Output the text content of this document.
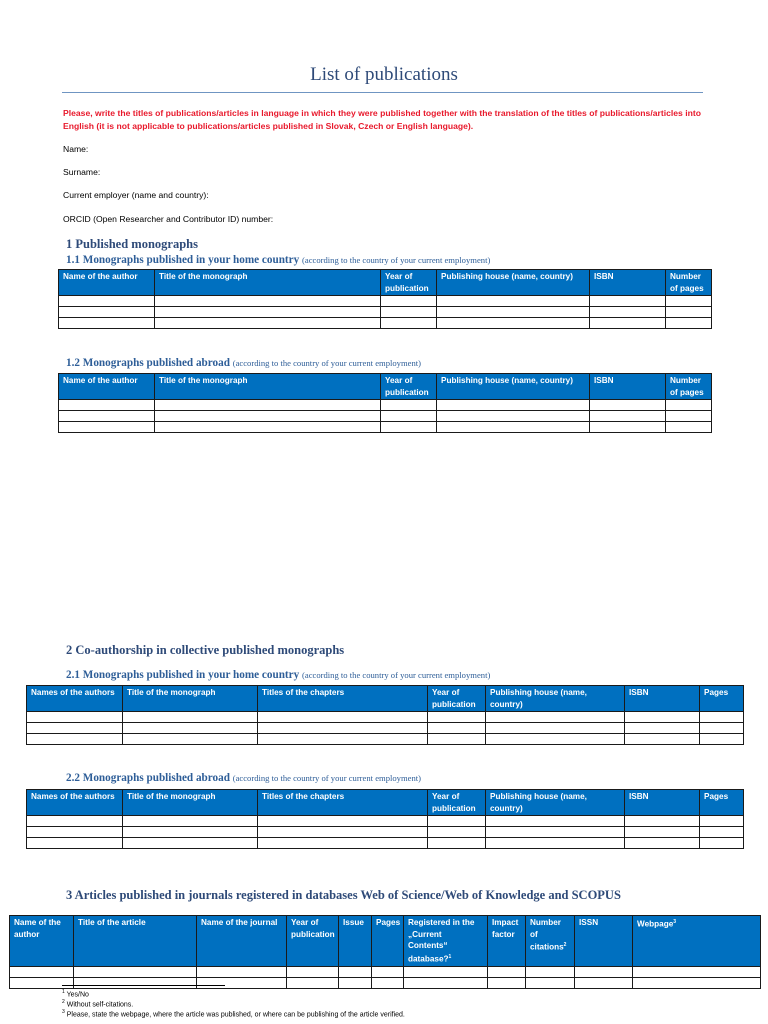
List of publications
Please, write the titles of publications/articles in language in which they were published together with the translation of the titles of publications/articles into English (it is not applicable to publications/articles published in Slovak, Czech or English language).
Name:
Surname:
Current employer (name and country):
ORCID (Open Researcher and Contributor ID) number:
1 Published monographs
1.1 Monographs published in your home country (according to the country of your current employment)
Name of the author	Title of the monograph	Year of publication	Publishing house (name, country)	ISBN	Number of pages

1.2 Monographs published abroad (according to the country of your current employment)
Name of the author	Title of the monograph	Year of publication	Publishing house (name, country)	ISBN	Number of pages

2 Co-authorship in collective published monographs
2.1 Monographs published in your home country (according to the country of your current employment)
Names of the authors	Title of the monograph	Titles of the chapters	Year of publication	Publishing house (name, country)	ISBN	Pages

2.2 Monographs published abroad (according to the country of your current employment)
Names of the authors	Title of the monograph	Titles of the chapters	Year of publication	Publishing house (name, country)	ISBN	Pages

3 Articles published in journals registered in databases Web of Science/Web of Knowledge and SCOPUS
Name of the author	Title of the article	Name of the journal	Year of publication	Issue	Pages	Registered in the „Current Contents“ database?$^1$	Impact factor	Number of citations$^2$	ISSN	Webpage$^3$

$^1$ Yes/No
$^2$ Without self-citations.
$^3$ Please, state the webpage, where the article was published, or where can be publishing of the article verified.
